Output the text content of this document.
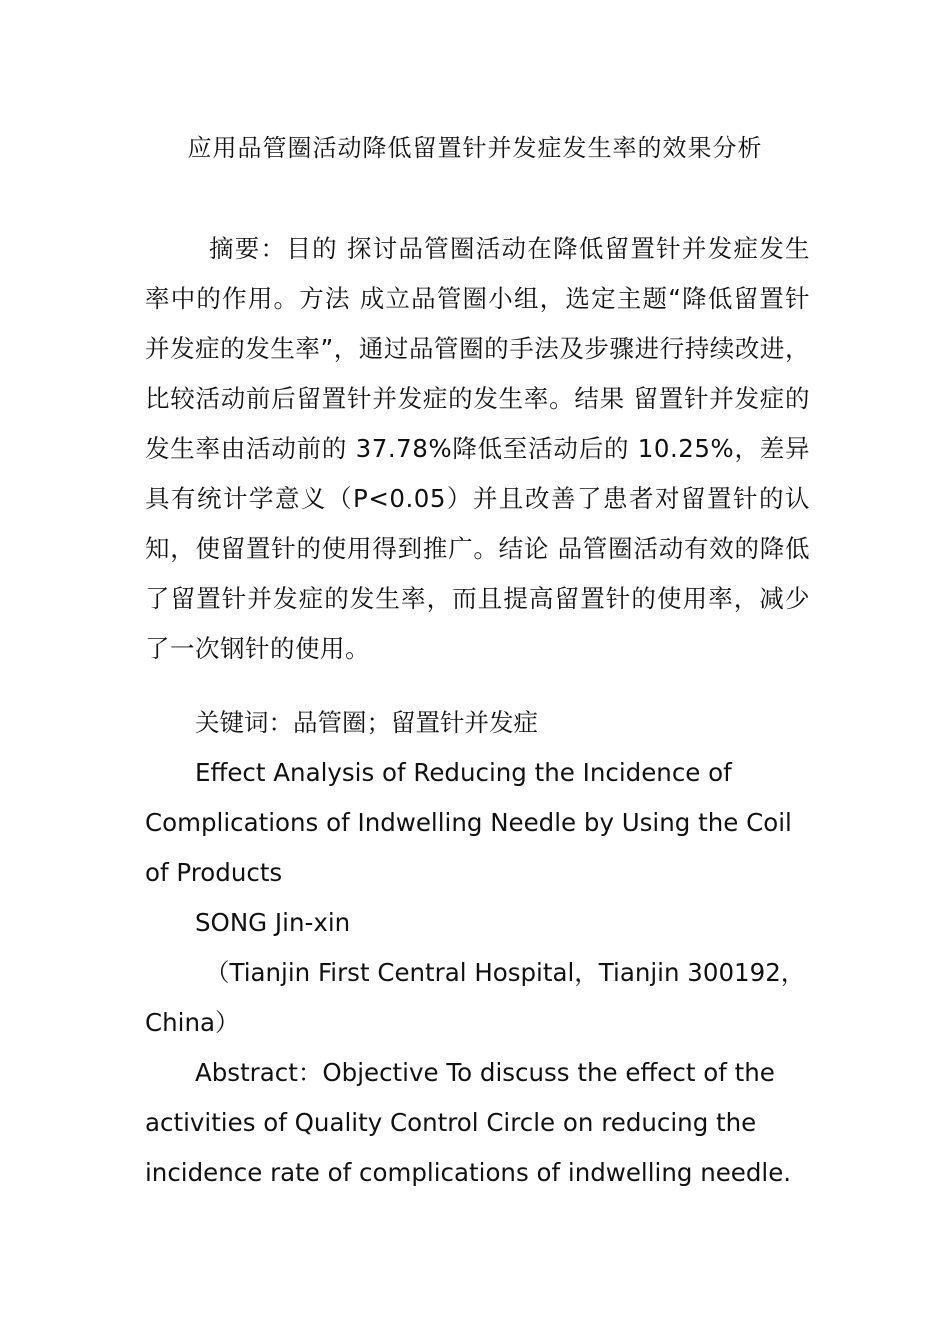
应用品管圈活动降低留置针并发症发生率的效果分析

摘要：目的 探讨品管圈活动在降低留置针并发症发生率中的作用。方法 成立品管圈小组，选定主题“降低留置针并发症的发生率”，通过品管圈的手法及步骤进行持续改进，比较活动前后留置针并发症的发生率。结果 留置针并发症的发生率由活动前的 37.78%降低至活动后的 10.25%，差异具有统计学意义（P<0.05）并且改善了患者对留置针的认知，使留置针的使用得到推广。结论 品管圈活动有效的降低了留置针并发症的发生率，而且提高留置针的使用率，减少了一次钢针的使用。

关键词：品管圈；留置针并发症

Effect Analysis of Reducing the Incidence of Complications of Indwelling Needle by Using the Coil of Products

SONG Jin-xin

（Tianjin First Central Hospital，Tianjin 300192，China）

Abstract：Objective To discuss the effect of the activities of Quality Control Circle on reducing the incidence rate of complications of indwelling needle.
